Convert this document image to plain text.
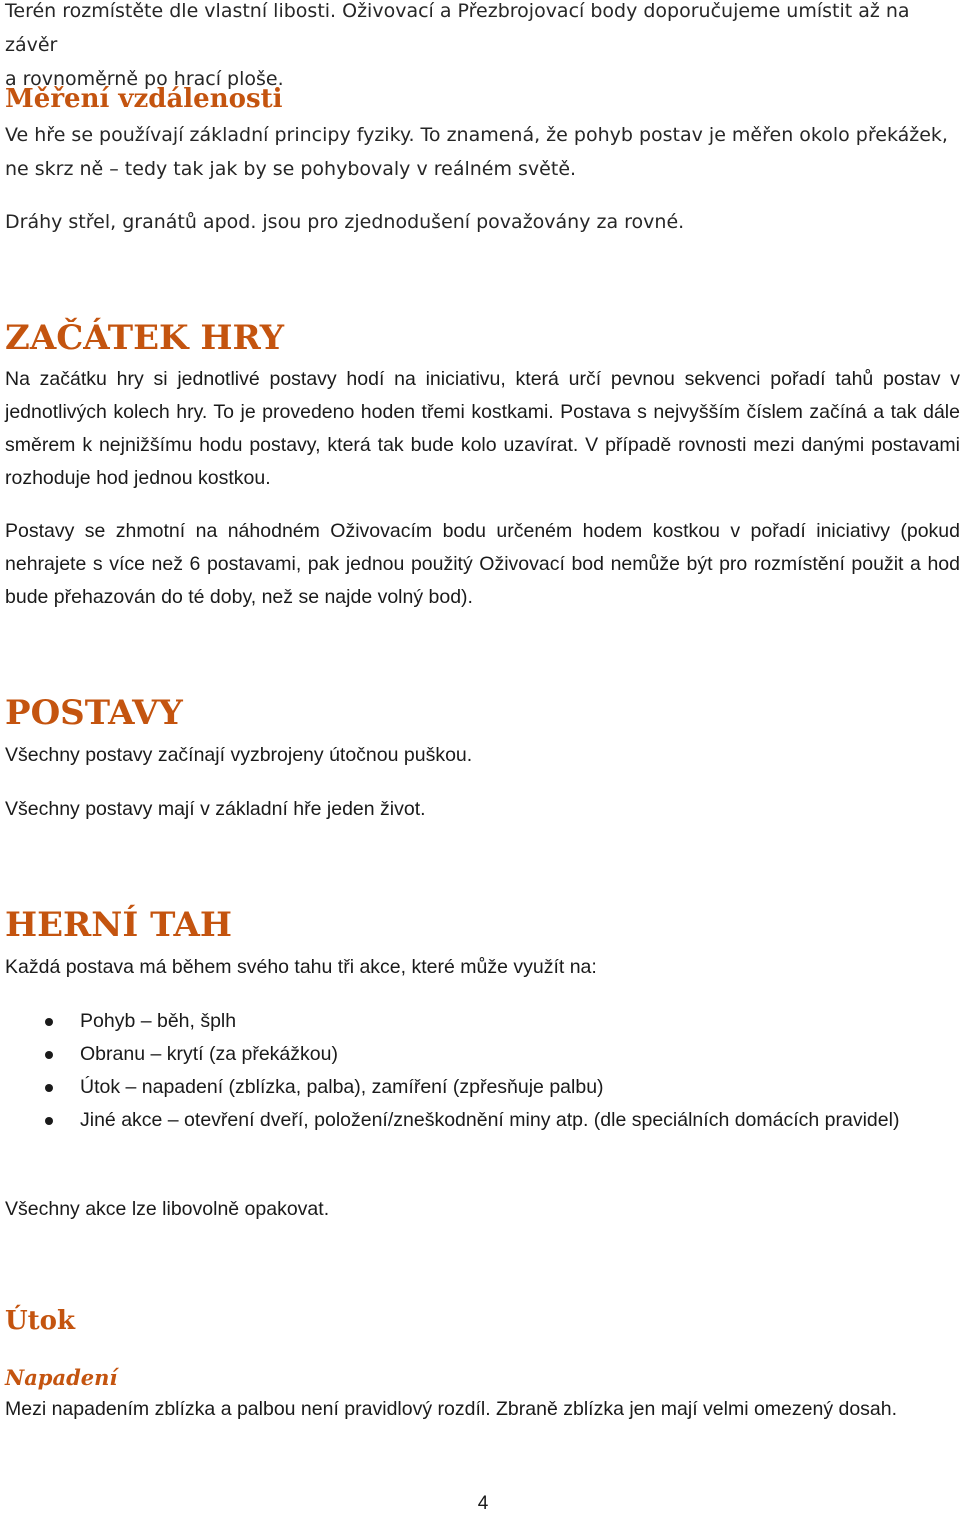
Terén rozmístěte dle vlastní libosti. Oživovací a Přezbrojovací body doporučujeme umístit až na závěr
a rovnoměrně po hrací ploše.
Měření vzdálenosti
Ve hře se používají základní principy fyziky. To znamená, že pohyb postav je měřen okolo překážek,
ne skrz ně – tedy tak jak by se pohybovaly v reálném světě.
Dráhy střel, granátů apod. jsou pro zjednodušení považovány za rovné.
ZAČÁTEK HRY
Na začátku hry si jednotlivé postavy hodí na iniciativu, která určí pevnou sekvenci pořadí tahů postav v jednotlivých kolech hry. To je provedeno hoden třemi kostkami. Postava s nejvyšším číslem začíná a tak dále směrem k nejnižšímu hodu postavy, která tak bude kolo uzavírat. V případě rovnosti mezi danými postavami rozhoduje hod jednou kostkou.
Postavy se zhmotní na náhodném Oživovacím bodu určeném hodem kostkou v pořadí iniciativy (pokud nehrajete s více než 6 postavami, pak jednou použitý Oživovací bod nemůže být pro rozmístění použit a hod bude přehazován do té doby, než se najde volný bod).
POSTAVY
Všechny postavy začínají vyzbrojeny útočnou puškou.
Všechny postavy mají v základní hře jeden život.
HERNÍ TAH
Každá postava má během svého tahu tři akce, které může využít na:
Pohyb – běh, šplh
Obranu – krytí (za překážkou)
Útok – napadení (zblízka, palba), zamíření (zpřesňuje palbu)
Jiné akce – otevření dveří, položení/zneškodnění miny atp. (dle speciálních domácích pravidel)
Všechny akce lze libovolně opakovat.
Útok
Napadení
Mezi napadením zblízka a palbou není pravidlový rozdíl. Zbraně zblízka jen mají velmi omezený dosah.
4
